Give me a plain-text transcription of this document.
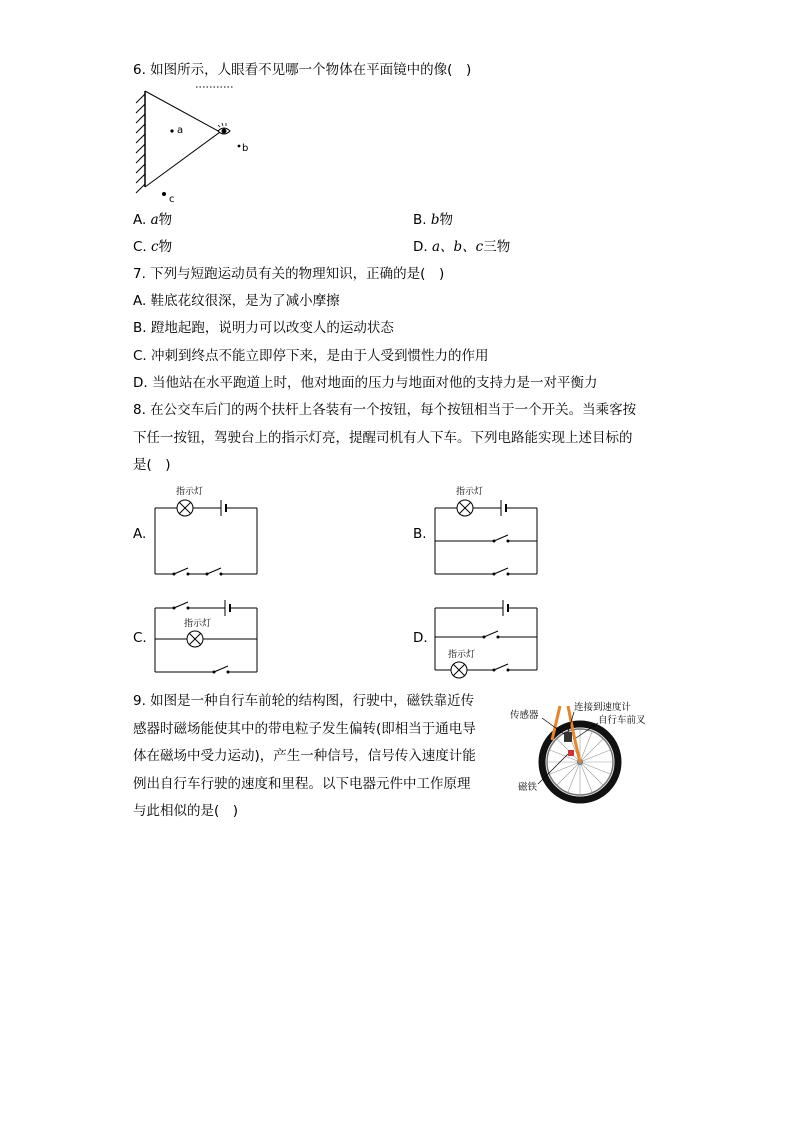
6. 如图所示，人眼看不见哪一个物体在平面镜中的像(　)
a
b
c
A. a物	B. b物
C. c物	D. a、b、c三物
7. 下列与短跑运动员有关的物理知识，正确的是(　)
A. 鞋底花纹很深，是为了减小摩擦
B. 蹬地起跑，说明力可以改变人的运动状态
C. 冲刺到终点不能立即停下来，是由于人受到惯性力的作用
D. 当他站在水平跑道上时，他对地面的压力与地面对他的支持力是一对平衡力
8. 在公交车后门的两个扶杆上各装有一个按钮，每个按钮相当于一个开关。当乘客按
下任一按钮，驾驶台上的指示灯亮，提醒司机有人下车。下列电路能实现上述目标的
是(　)
A.
指示灯
B.
指示灯
C.
指示灯
D.
指示灯
9. 如图是一种自行车前轮的结构图，行驶中，磁铁靠近传
感器时磁场能使其中的带电粒子发生偏转(即相当于通电导
体在磁场中受力运动)，产生一种信号，信号传入速度计能
例出自行车行驶的速度和里程。以下电器元件中工作原理
与此相似的是(　)
传感器
连接到速度计
自行车前叉
磁铁
